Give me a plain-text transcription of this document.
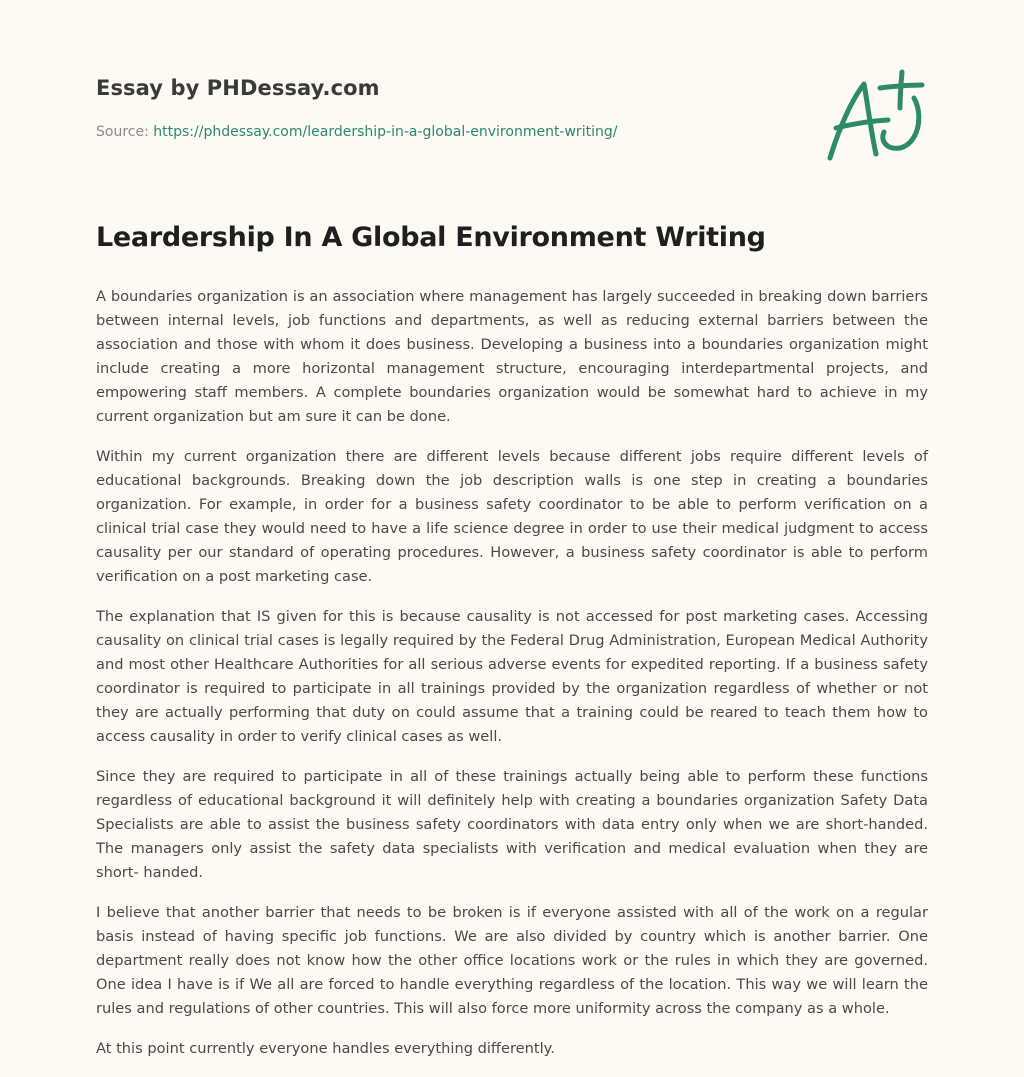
Essay by PHDessay.com
Source: https://phdessay.com/leardership-in-a-global-environment-writing/
Leardership In A Global Environment Writing

A boundaries organization is an association where management has largely succeeded in breaking down barriers between internal levels, job functions and departments, as well as reducing external barriers between the association and those with whom it does business. Developing a business into a boundaries organization might include creating a more horizontal management structure, encouraging interdepartmental projects, and empowering staff members. A complete boundaries organization would be somewhat hard to achieve in my current organization but am sure it can be done.

Within my current organization there are different levels because different jobs require different levels of educational backgrounds. Breaking down the job description walls is one step in creating a boundaries organization. For example, in order for a business safety coordinator to be able to perform verification on a clinical trial case they would need to have a life science degree in order to use their medical judgment to access causality per our standard of operating procedures. However, a business safety coordinator is able to perform verification on a post marketing case.

The explanation that IS given for this is because causality is not accessed for post marketing cases. Accessing causality on clinical trial cases is legally required by the Federal Drug Administration, European Medical Authority and most other Healthcare Authorities for all serious adverse events for expedited reporting. If a business safety coordinator is required to participate in all trainings provided by the organization regardless of whether or not they are actually performing that duty on could assume that a training could be reared to teach them how to access causality in order to verify clinical cases as well.

Since they are required to participate in all of these trainings actually being able to perform these functions regardless of educational background it will definitely help with creating a boundaries organization Safety Data Specialists are able to assist the business safety coordinators with data entry only when we are short-handed. The managers only assist the safety data specialists with verification and medical evaluation when they are short- handed.

I believe that another barrier that needs to be broken is if everyone assisted with all of the work on a regular basis instead of having specific job functions. We are also divided by country which is another barrier. One department really does not know how the other office locations work or the rules in which they are governed. One idea I have is if We all are forced to handle everything regardless of the location. This way we will learn the rules and regulations of other countries. This will also force more uniformity across the company as a whole.

At this point currently everyone handles everything differently.
